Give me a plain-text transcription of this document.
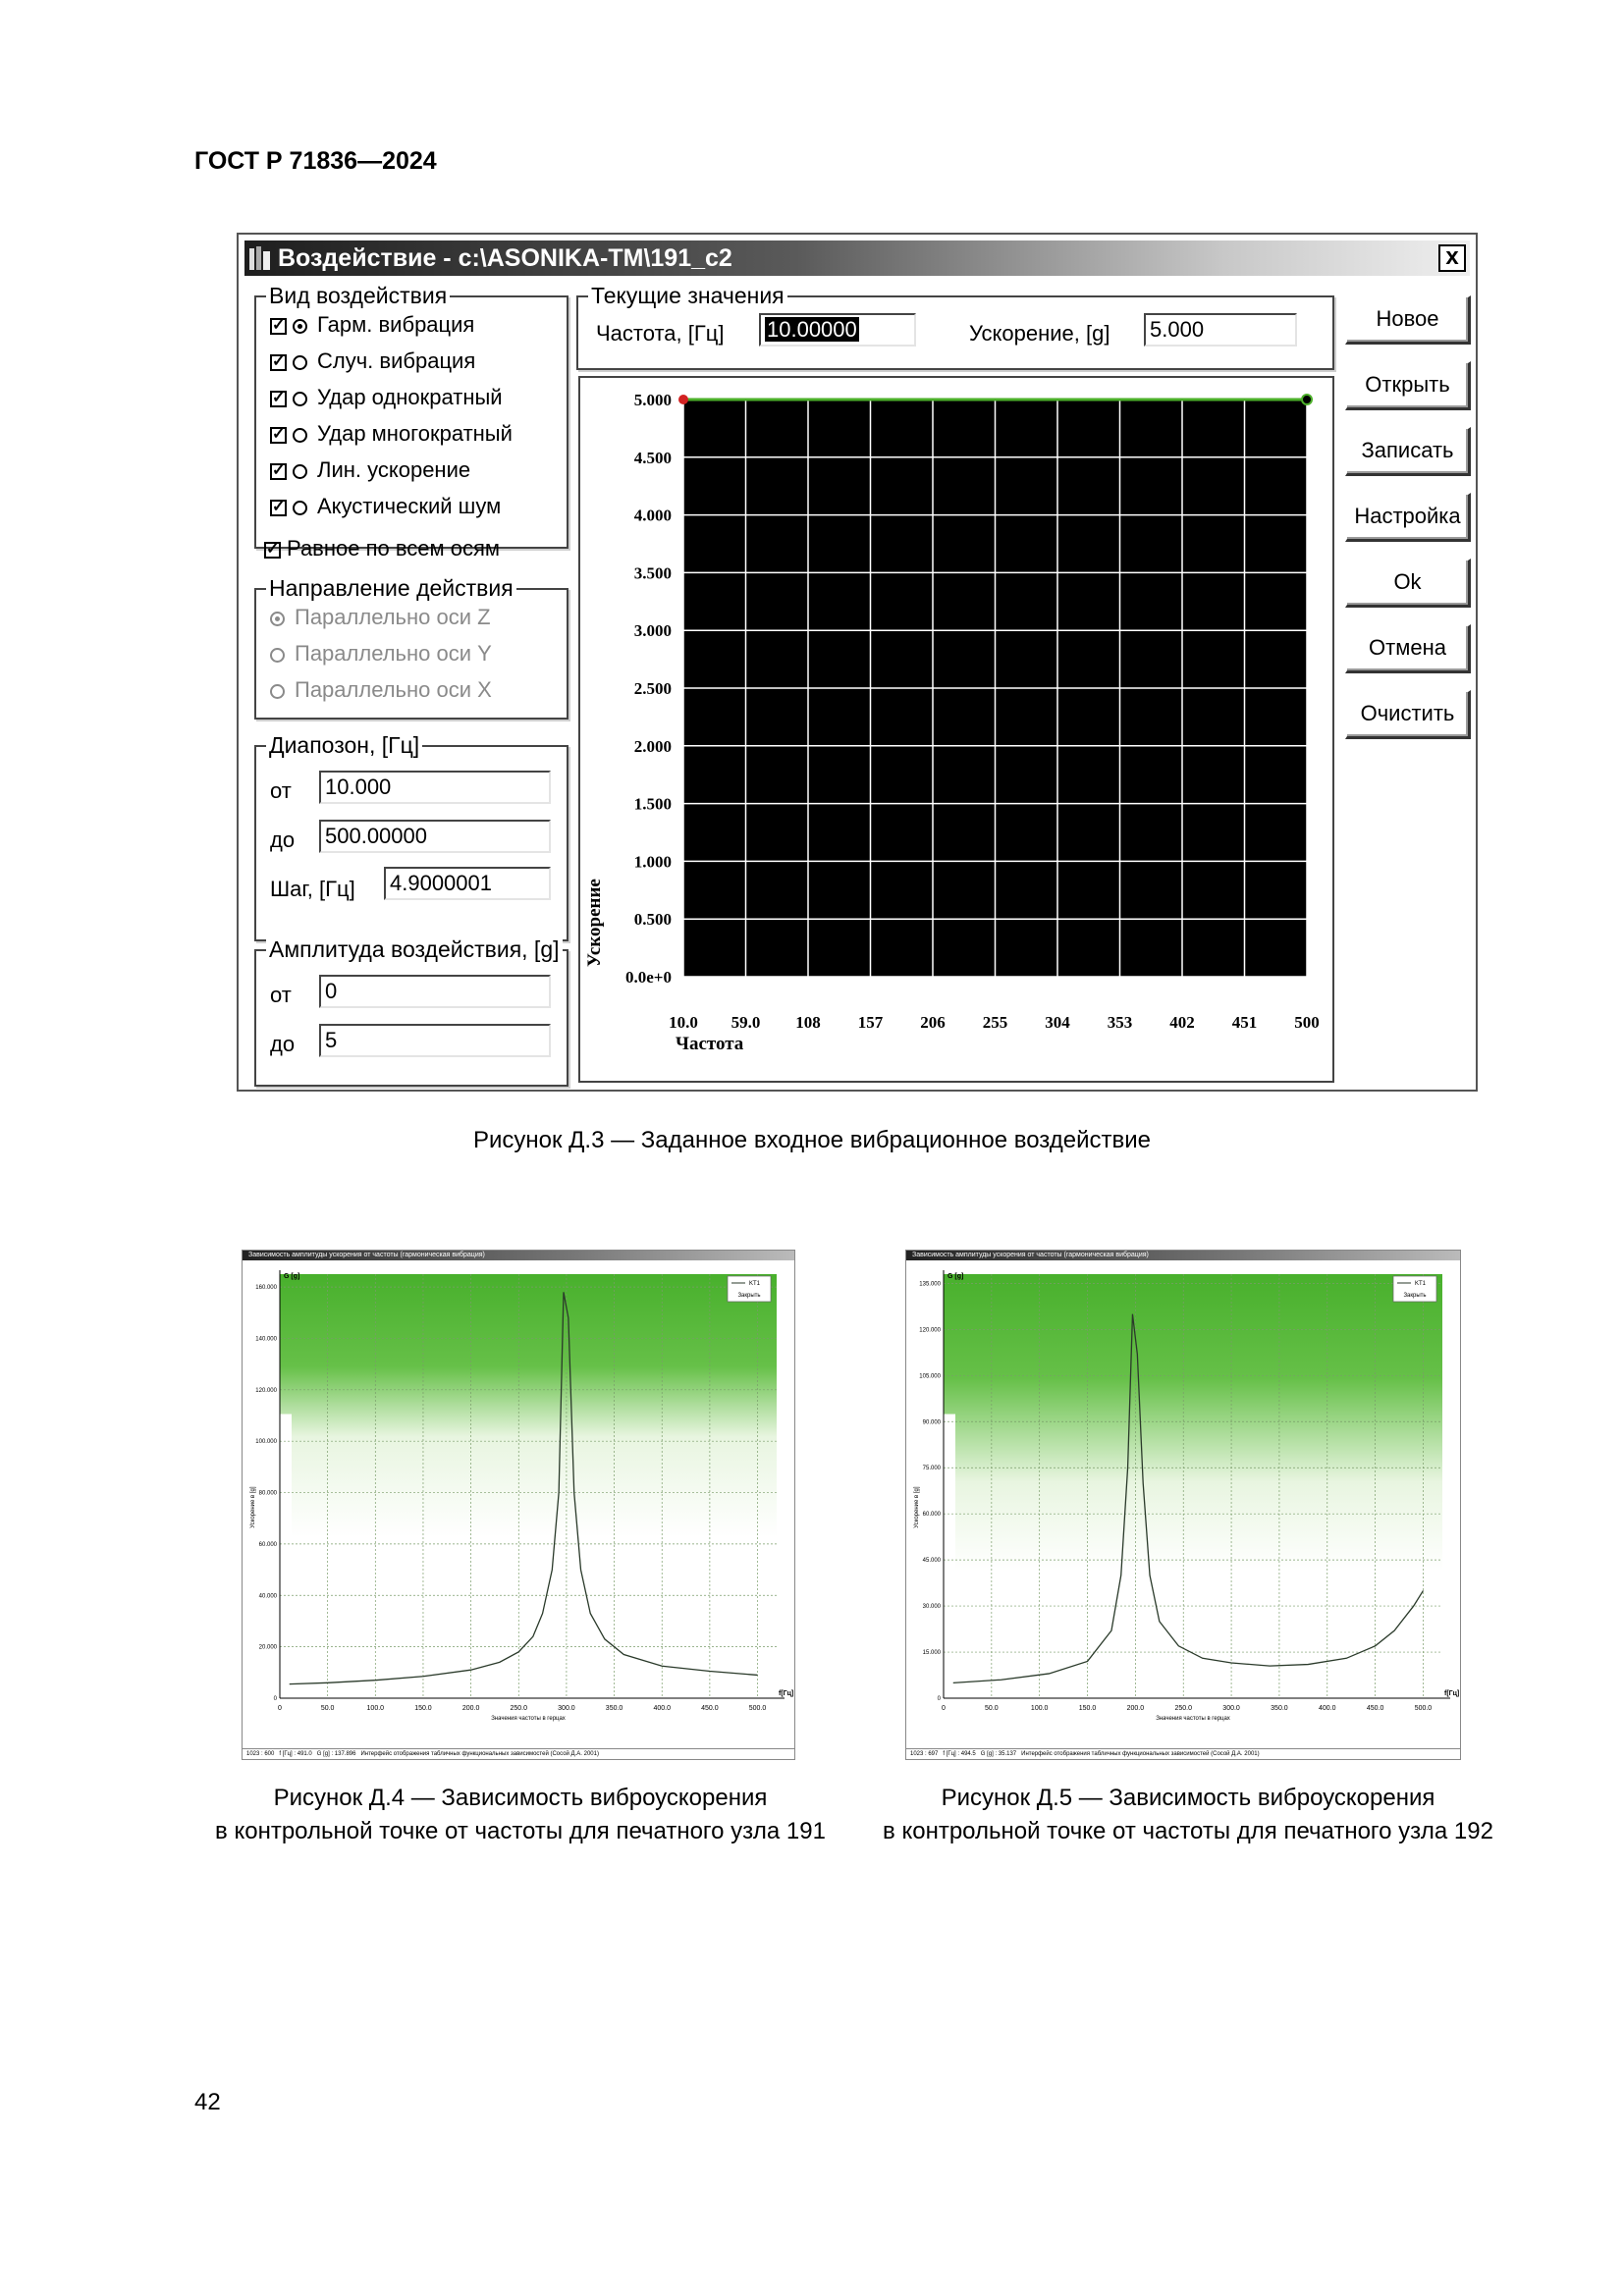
ГОСТ Р 71836—2024
Воздействие - c:\ASONIKA-TM\191_c2	x
Вид воздействия
✓ Гарм. вибрация
✓ Случ. вибрация
✓ Удар однократный
✓ Удар многократный
✓ Лин. ускорение
✓ Акустический шум
✓ Равное по всем осям
Направление действия
Параллельно оси Z
Параллельно оси Y
Параллельно оси X
Диапозон, [Гц]
от 10.000
до 500.00000
Шаг, [Гц] 4.9000001
Амплитуда воздействия, [g]
от 0
до 5
Текущие значения
Частота, [Гц]	10.00000	Ускорение, [g] 5.000	Новое
Открыть
Записать
Настройка
Ok
Отмена
Очистить
10.0 59.0 108 157 206 255 304 353 402 451 500
0.0e+0
0.500
1.000
1.500
2.000
2.500
3.000
3.500
4.000
4.500
5.000
Частота
Ускорение
Рисунок Д.3 — Заданное входное вибрационное воздействие
Зависимость амплитуды ускорения от частоты (гармоническая вибрация)
0	50.0	100.0	150.0	200.0	250.0	300.0	350.0	400.0	450.0	500.0
0
20.000
40.000
60.000
80.000
100.000
120.000
140.000
160.000
G [g]
f[Гц]
Значения частоты в герцах
Ускорение в [g]
KT1
Закрыть
1023 : 600 f [Гц] : 491.0 G [g] : 137.896 Интерфейс отображения табличных функциональных зависимостей (Сосой Д.А. 2001)
Зависимость амплитуды ускорения от частоты (гармоническая вибрация)
0	50.0	100.0	150.0	200.0	250.0	300.0	350.0	400.0	450.0	500.0
0
15.000
30.000
45.000
60.000
75.000
90.000
105.000
120.000
135.000
G [g]
f[Гц]
Значения частоты в герцах
Ускорение в [g]
KT1
Закрыть
1023 : 697 f [Гц] : 494.5 G [g] : 35.137 Интерфейс отображения табличных функциональных зависимостей (Сосой Д.А. 2001)
Рисунок Д.4 — Зависимость виброускорения
в контрольной точке от частоты для печатного узла 191
Рисунок Д.5 — Зависимость виброускорения
в контрольной точке от частоты для печатного узла 192
42
